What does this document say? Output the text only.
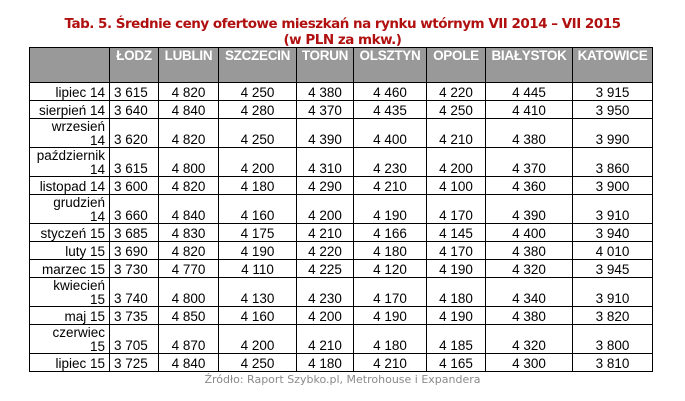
Tab. 5. Średnie ceny ofertowe mieszkań na rynku wtórnym VII 2014 – VII 2015
(w PLN za mkw.)
	ŁODZ	LUBLIN	SZCZECIN	TORUN	OLSZTYN	OPOLE	BIAŁYSTOK	KATOWICE
lipiec 14	3 615	4 820	4 250	4 380	4 460	4 220	4 445	3 915
sierpień 14	3 640	4 840	4 280	4 370	4 435	4 250	4 410	3 950
wrzesień
14	3 620	4 820	4 250	4 390	4 400	4 210	4 380	3 990
październik
14	3 615	4 800	4 200	4 310	4 230	4 200	4 370	3 860
listopad 14	3 600	4 820	4 180	4 290	4 210	4 100	4 360	3 900
grudzień
14	3 660	4 840	4 160	4 200	4 190	4 170	4 390	3 910
styczeń 15	3 685	4 830	4 175	4 210	4 166	4 145	4 400	3 940
luty 15	3 690	4 820	4 190	4 220	4 180	4 170	4 380	4 010
marzec 15	3 730	4 770	4 110	4 225	4 120	4 190	4 320	3 945
kwiecień
15	3 740	4 800	4 130	4 230	4 170	4 180	4 340	3 910
maj 15	3 735	4 850	4 160	4 200	4 190	4 190	4 380	3 820
czerwiec
15	3 705	4 870	4 200	4 210	4 180	4 185	4 320	3 800
lipiec 15	3 725	4 840	4 250	4 180	4 210	4 165	4 300	3 810
Źródło: Raport Szybko.pl, Metrohouse i Expandera
